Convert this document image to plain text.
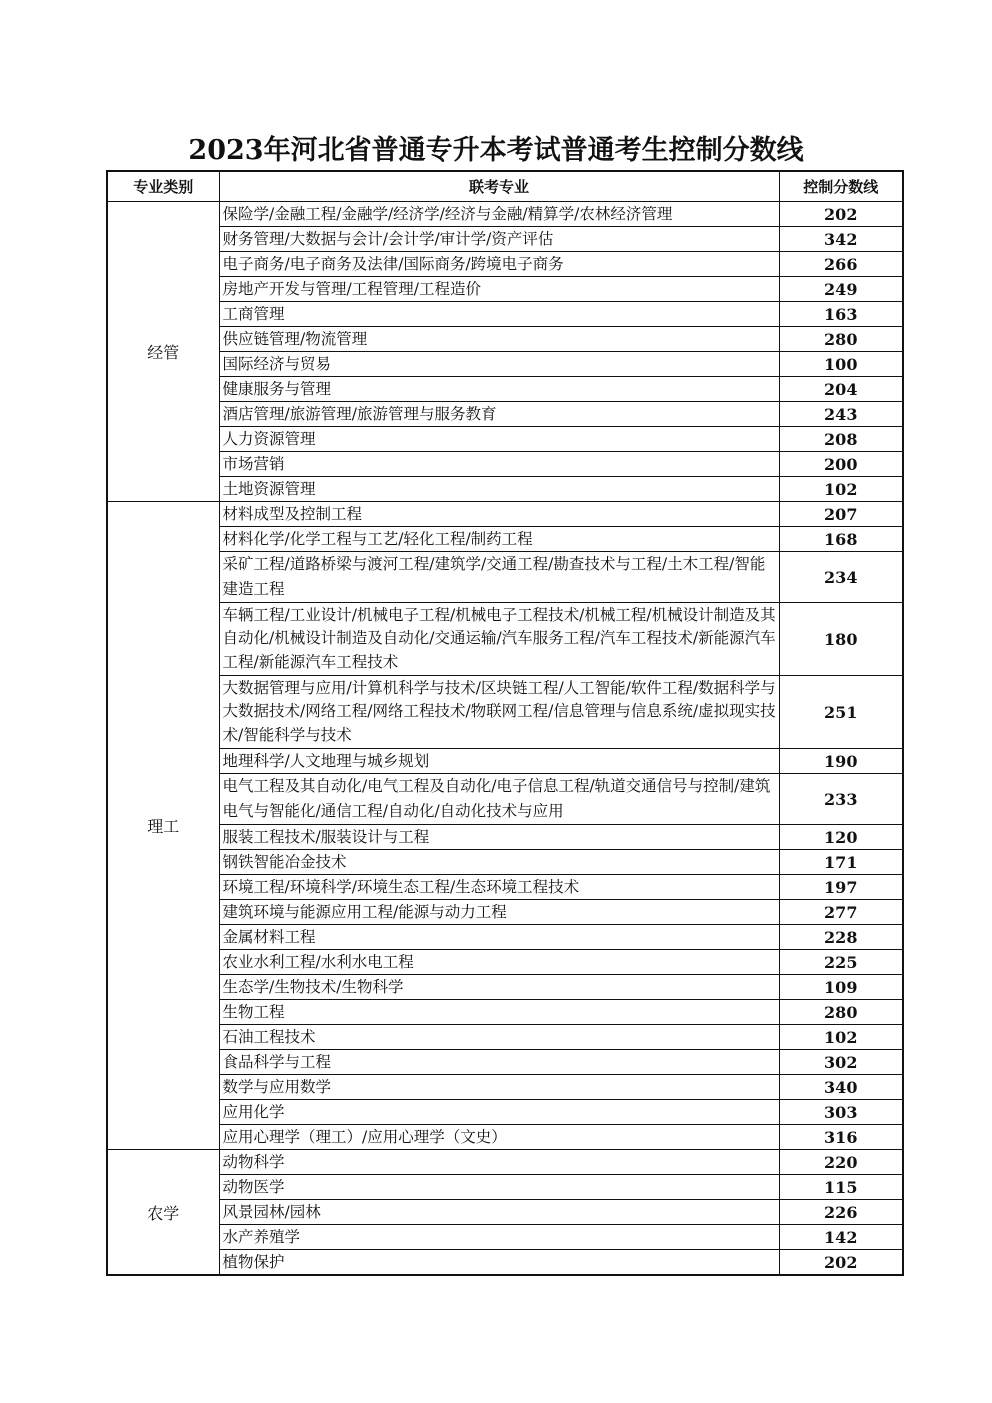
2023年河北省普通专升本考试普通考生控制分数线
专业类别	联考专业	控制分数线
经管	保险学/金融工程/金融学/经济学/经济与金融/精算学/农林经济管理	202
	财务管理/大数据与会计/会计学/审计学/资产评估	342
	电子商务/电子商务及法律/国际商务/跨境电子商务	266
	房地产开发与管理/工程管理/工程造价	249
	工商管理	163
	供应链管理/物流管理	280
	国际经济与贸易	100
	健康服务与管理	204
	酒店管理/旅游管理/旅游管理与服务教育	243
	人力资源管理	208
	市场营销	200
	土地资源管理	102
理工	材料成型及控制工程	207
	材料化学/化学工程与工艺/轻化工程/制药工程	168
	采矿工程/道路桥梁与渡河工程/建筑学/交通工程/勘查技术与工程/土木工程/智能建造工程	234
	车辆工程/工业设计/机械电子工程/机械电子工程技术/机械工程/机械设计制造及其自动化/机械设计制造及自动化/交通运输/汽车服务工程/汽车工程技术/新能源汽车工程/新能源汽车工程技术	180
	大数据管理与应用/计算机科学与技术/区块链工程/人工智能/软件工程/数据科学与大数据技术/网络工程/网络工程技术/物联网工程/信息管理与信息系统/虚拟现实技术/智能科学与技术	251
	地理科学/人文地理与城乡规划	190
	电气工程及其自动化/电气工程及自动化/电子信息工程/轨道交通信号与控制/建筑电气与智能化/通信工程/自动化/自动化技术与应用	233
	服装工程技术/服装设计与工程	120
	钢铁智能冶金技术	171
	环境工程/环境科学/环境生态工程/生态环境工程技术	197
	建筑环境与能源应用工程/能源与动力工程	277
	金属材料工程	228
	农业水利工程/水利水电工程	225
	生态学/生物技术/生物科学	109
	生物工程	280
	石油工程技术	102
	食品科学与工程	302
	数学与应用数学	340
	应用化学	303
	应用心理学（理工）/应用心理学（文史）	316
农学	动物科学	220
	动物医学	115
	风景园林/园林	226
	水产养殖学	142
	植物保护	202
